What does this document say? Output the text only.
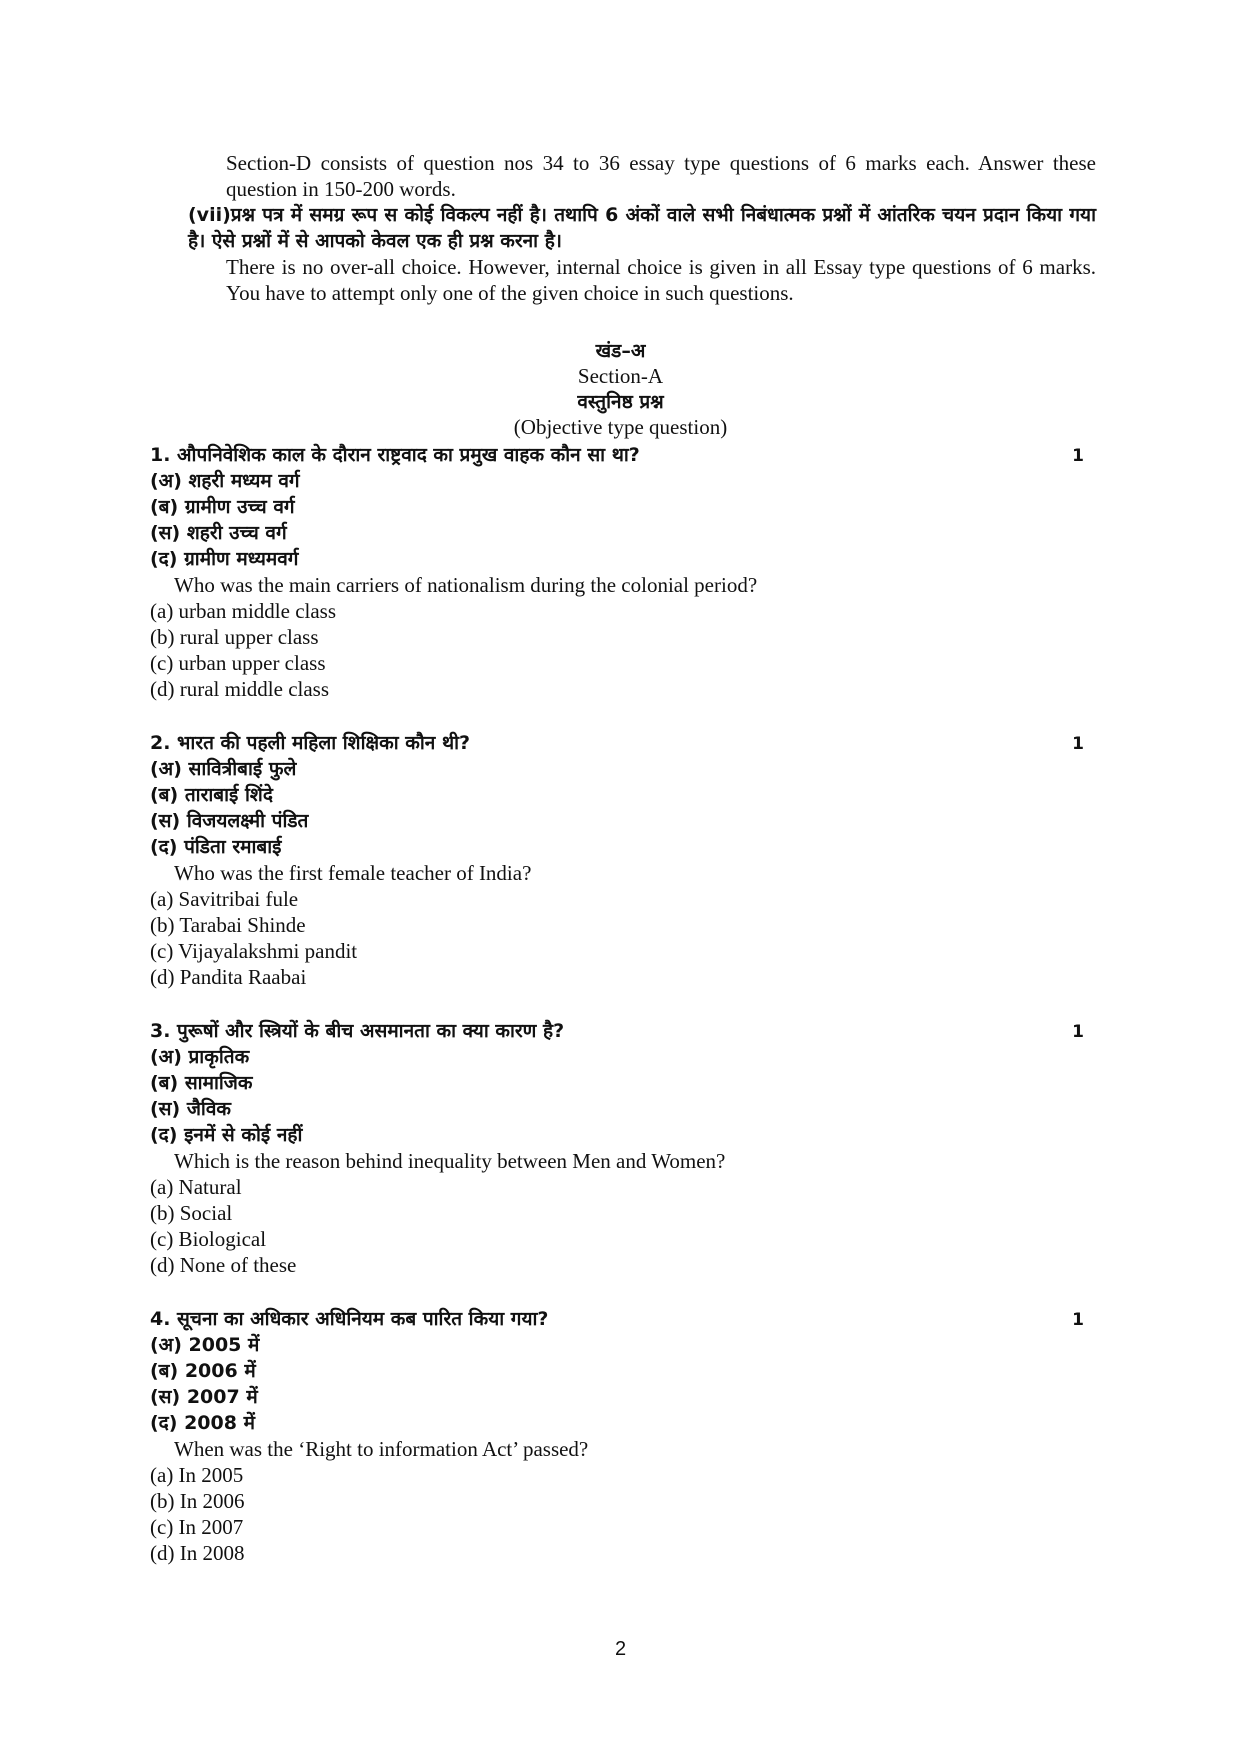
Section-D consists of question nos 34 to 36 essay type questions of 6 marks each. Answer these question in 150-200 words.

(vii)प्रश्न पत्र में समग्र रूप स कोई विकल्प नहीं है। तथापि 6 अंकों वाले सभी निबंधात्मक प्रश्नों में आंतरिक चयन प्रदान किया गया है। ऐसे प्रश्नों में से आपको केवल एक ही प्रश्न करना है।

There is no over-all choice. However, internal choice is given in all Essay type questions of 6 marks. You have to attempt only one of the given choice in such questions.

खंड–अ
Section-A
वस्तुनिष्ठ प्रश्न
(Objective type question)
1. औपनिवेशिक काल के दौरान राष्ट्रवाद का प्रमुख वाहक कौन सा था?	1
(अ) शहरी मध्यम वर्ग
(ब) ग्रामीण उच्च वर्ग
(स) शहरी उच्च वर्ग
(द) ग्रामीण मध्यमवर्ग
Who was the main carriers of nationalism during the colonial period?
(a) urban middle class
(b) rural upper class
(c) urban upper class
(d) rural middle class
2. भारत की पहली महिला शिक्षिका कौन थी?	1
(अ) सावित्रीबाई फुले
(ब) ताराबाई शिंदे
(स) विजयलक्ष्मी पंडित
(द) पंडिता रमाबाई
Who was the first female teacher of India?
(a) Savitribai fule
(b) Tarabai Shinde
(c) Vijayalakshmi pandit
(d) Pandita Raabai
3. पुरूषों और स्त्रियों के बीच असमानता का क्या कारण है?	1
(अ) प्राकृतिक
(ब) सामाजिक
(स) जैविक
(द) इनमें से कोई नहीं
Which is the reason behind inequality between Men and Women?
(a) Natural
(b) Social
(c) Biological
(d) None of these
4. सूचना का अधिकार अधिनियम कब पारित किया गया?	1
(अ) 2005 में
(ब) 2006 में
(स) 2007 में
(द) 2008 में
When was the ‘Right to information Act’ passed?
(a) In 2005
(b) In 2006
(c) In 2007
(d) In 2008
2
